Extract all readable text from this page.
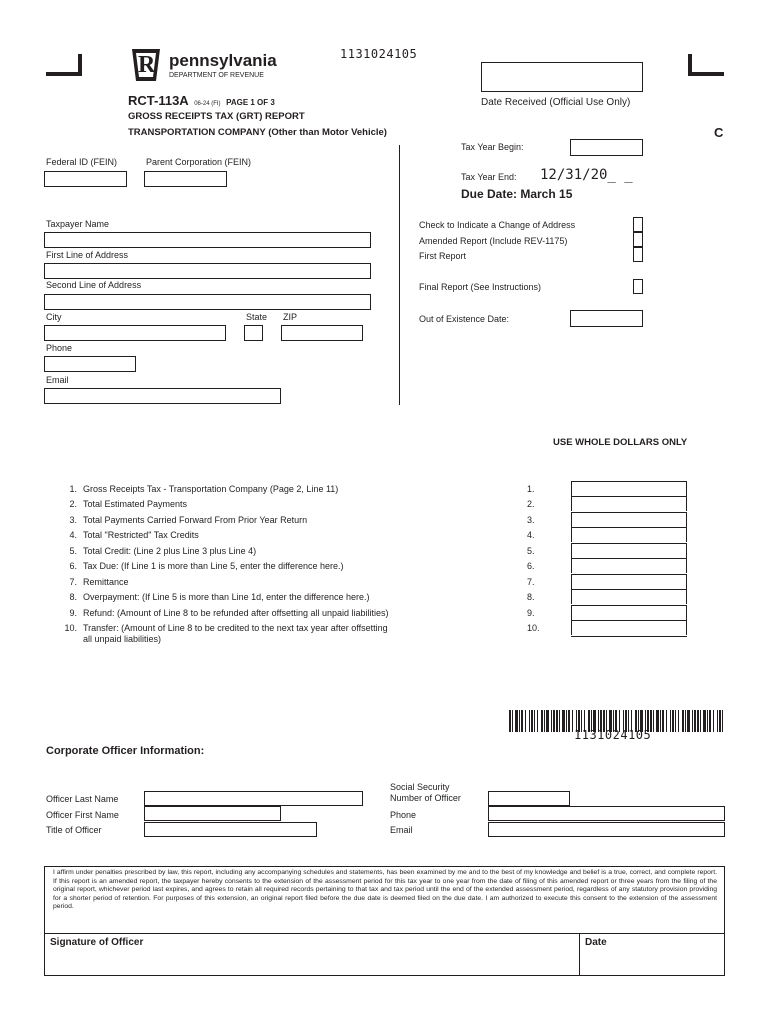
C
R pennsylvania
DEPARTMENT OF REVENUE
1131024105
Date Received (Official Use Only)
RCT-113A 06-24 (FI) PAGE 1 OF 3
GROSS RECEIPTS TAX (GRT) REPORT
TRANSPORTATION COMPANY (Other than Motor Vehicle)
Federal ID (FEIN)	Parent Corporation (FEIN)
Tax Year Begin:
Tax Year End: 12/31/20_ _
Due Date: March 15
Taxpayer Name
First Line of Address
Second Line of Address
City	State ZIP
Phone
Email
Check to Indicate a Change of Address
Amended Report (Include REV-1175)
First Report
Final Report (See Instructions)
Out of Existence Date:
USE WHOLE DOLLARS ONLY
1. Gross Receipts Tax - Transportation Company (Page 2, Line 11)	1.
2. Total Estimated Payments	2.
3. Total Payments Carried Forward From Prior Year Return	3.
4. Total "Restricted" Tax Credits	4.
5. Total Credit: (Line 2 plus Line 3 plus Line 4)	5.
6. Tax Due: (If Line 1 is more than Line 5, enter the difference here.)	6.
7. Remittance	7.
8. Overpayment: (If Line 5 is more than Line 1d, enter the difference here.)	8.
9. Refund: (Amount of Line 8 to be refunded after offsetting all unpaid liabilities)	9.
10. Transfer: (Amount of Line 8 to be credited to the next tax year after offsetting
all unpaid liabilities)
10.
1131024105
Corporate Officer Information:
Officer Last Name
Officer First Name
Title of Officer
Social Security
Number of Officer
Phone
Email
I affirm under penalties prescribed by law, this report, including any accompanying schedules and statements, has been examined by me and to the best of my knowledge and belief is a true, correct, and complete report. If this report is an amended report, the taxpayer hereby consents to the extension of the assessment period for this tax year to one year from the date of filing of this amended report or three years from the filing of the original report, whichever period last expires, and agrees to retain all required records pertaining to that tax and tax period until the end of the extended assessment period, regardless of any statutory provision providing for a shorter period of retention. For purposes of this extension, an original report filed before the due date is deemed filed on the due date. I am authorized to execute this consent to the extension of the assessment period.
Signature of Officer	Date
